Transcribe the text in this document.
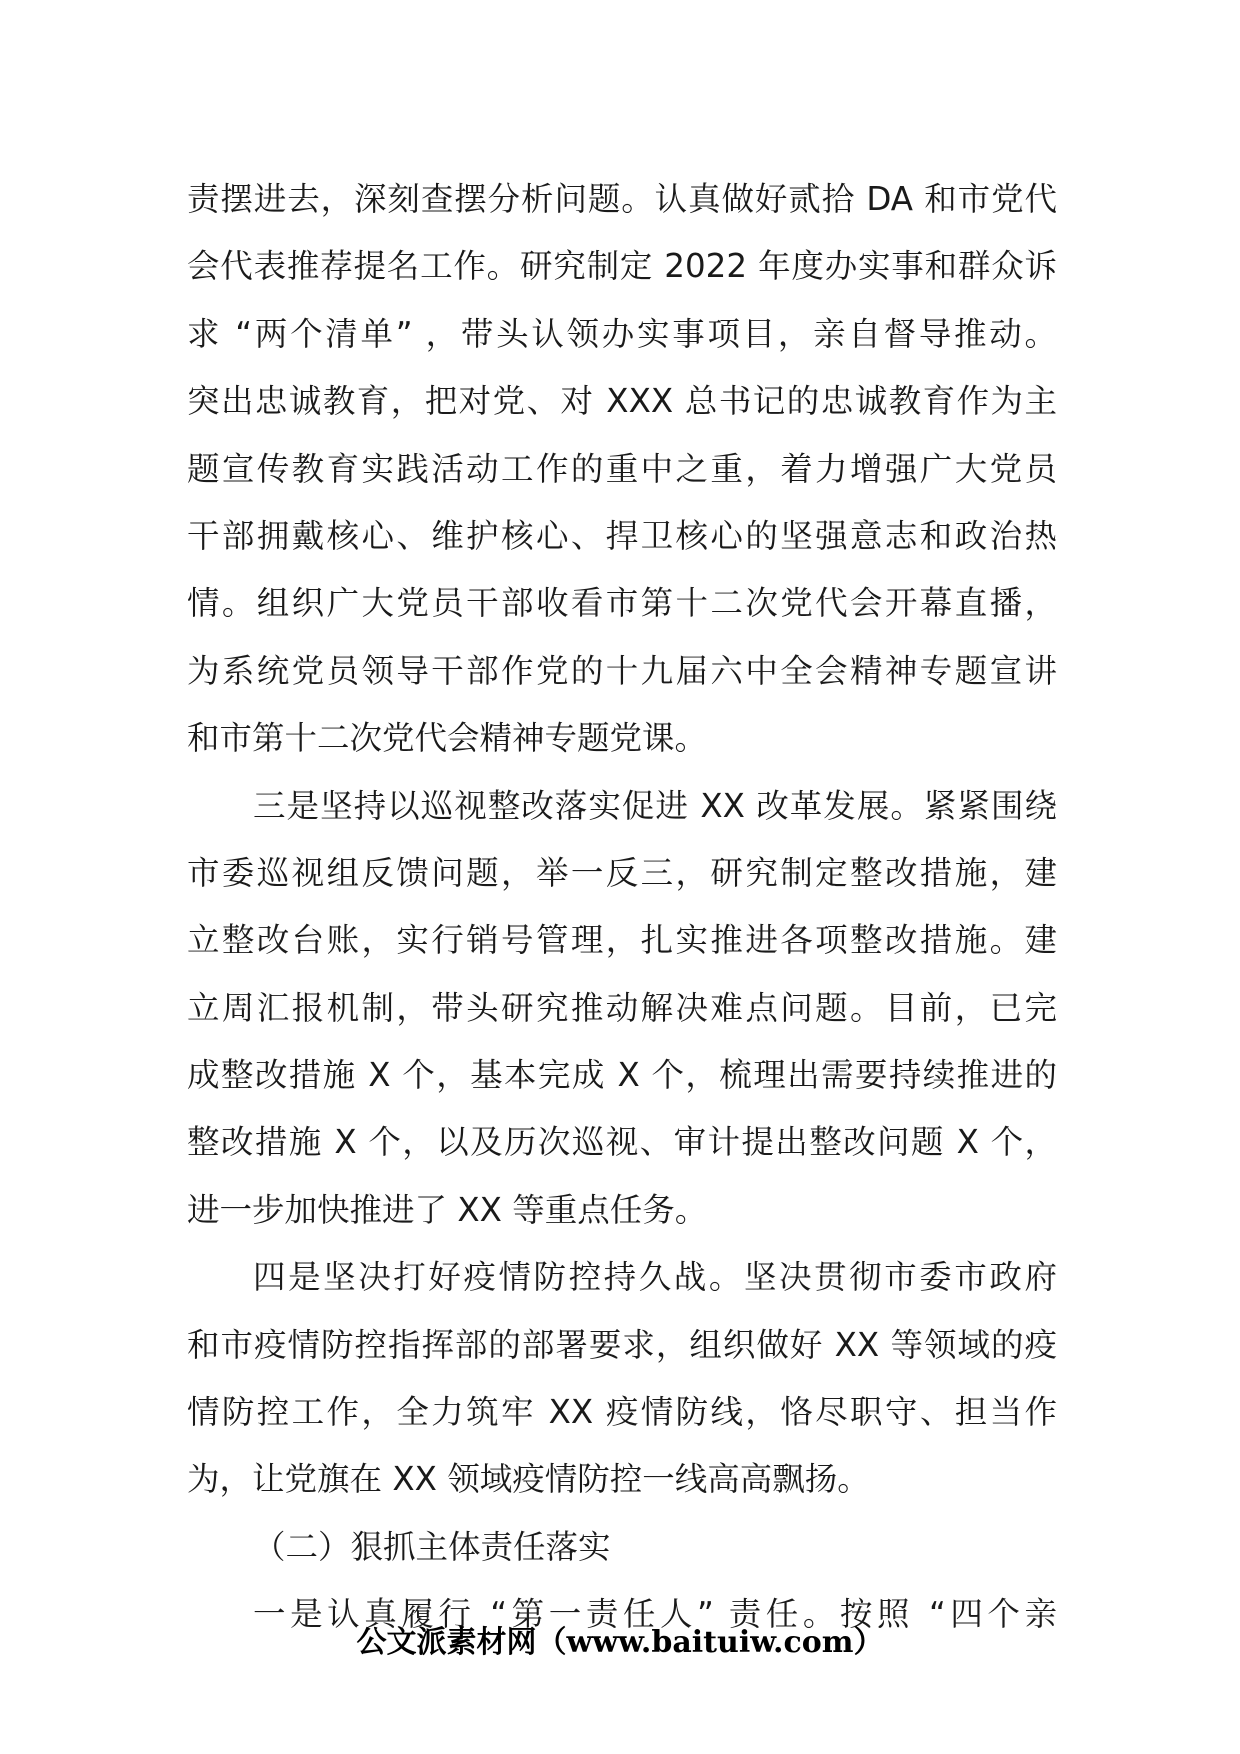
责摆进去，深刻查摆分析问题。认真做好贰拾 DA 和市党代
会代表推荐提名工作。研究制定 2022 年度办实事和群众诉
求 “两个清单” ，带头认领办实事项目，亲自督导推动。
突出忠诚教育，把对党、对 XXX 总书记的忠诚教育作为主
题宣传教育实践活动工作的重中之重，着力增强广大党员
干部拥戴核心、维护核心、捍卫核心的坚强意志和政治热
情。组织广大党员干部收看市第十二次党代会开幕直播，
为系统党员领导干部作党的十九届六中全会精神专题宣讲
和市第十二次党代会精神专题党课。
三是坚持以巡视整改落实促进 XX 改革发展。紧紧围绕
市委巡视组反馈问题，举一反三，研究制定整改措施，建
立整改台账，实行销号管理，扎实推进各项整改措施。建
立周汇报机制，带头研究推动解决难点问题。目前，已完
成整改措施 X 个，基本完成 X 个，梳理出需要持续推进的
整改措施 X 个，以及历次巡视、审计提出整改问题 X 个，
进一步加快推进了 XX 等重点任务。
四是坚决打好疫情防控持久战。坚决贯彻市委市政府
和市疫情防控指挥部的部署要求，组织做好 XX 等领域的疫
情防控工作，全力筑牢 XX 疫情防线，恪尽职守、担当作
为，让党旗在 XX 领域疫情防控一线高高飘扬。
（二）狠抓主体责任落实
一是认真履行 “第一责任人” 责任。按照 “四个亲
公文派素材网（www.baituiw.com）
